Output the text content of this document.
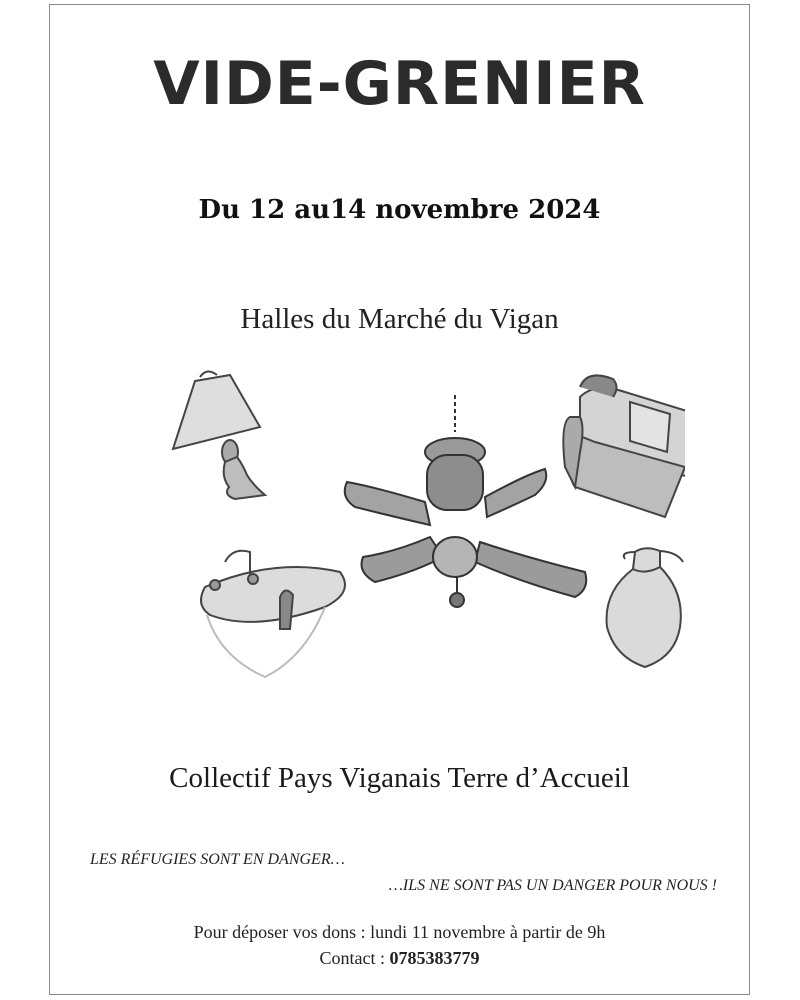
VIDE-GRENIER
Du 12 au14 novembre 2024
Halles du Marché du Vigan
Collectif Pays Viganais Terre d’Accueil
LES RÉFUGIES SONT EN DANGER…
…ILS NE SONT PAS UN DANGER POUR NOUS !
Pour déposer vos dons : lundi 11 novembre à partir de 9h
Contact : 0785383779
